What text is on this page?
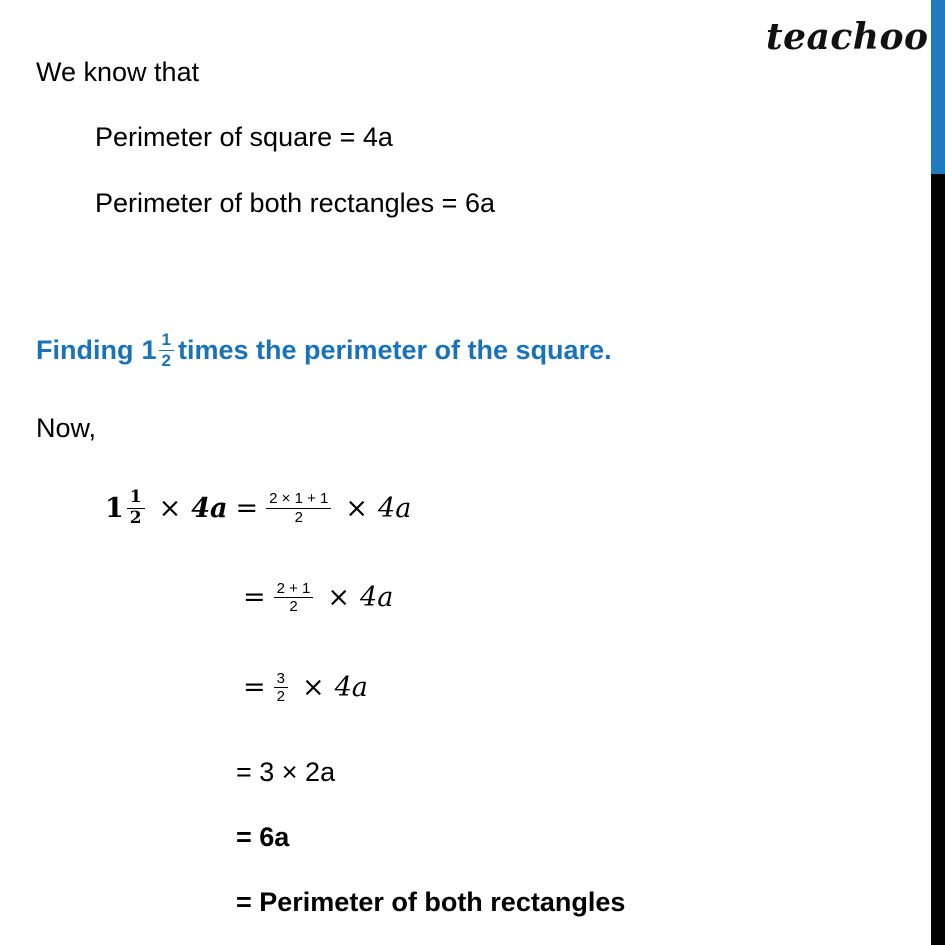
teachoo
We know that
Perimeter of square = 4a
Perimeter of both rectangles = 6a
Finding $1 \frac{1}{2}$ times the perimeter of the square.
Now,
$1 \frac{1}{2} \times 4a = \frac{2 \times 1 + 1}{2} \times 4a$
= $\frac{2 + 1}{2} \times 4a$
= $\frac{3}{2} \times 4a$
= 3 × 2a
= 6a
= Perimeter of both rectangles
